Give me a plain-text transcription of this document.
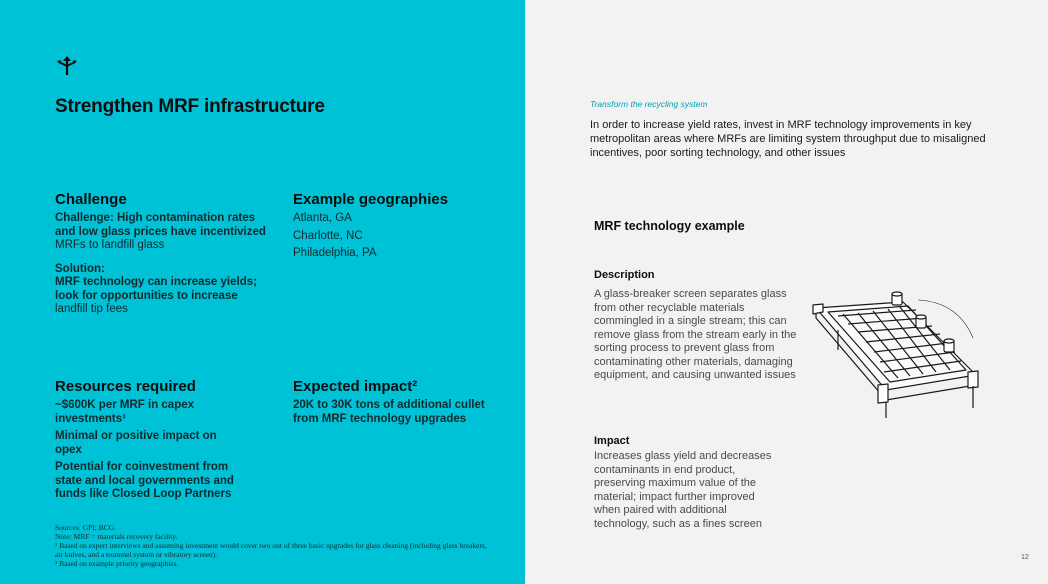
Strengthen MRF infrastructure
Challenge

Challenge: High contamination rates and low glass prices have incentivized MRFs to landfill glass

Solution:
MRF technology can increase yields; look for opportunities to increase landfill tip fees

Example geographies

Atlanta, GA

Charlotte, NC

Philadelphia, PA

Resources required

~$600K per MRF in capex investments¹

Minimal or positive impact on opex

Potential for coinvestment from state and local governments and funds like Closed Loop Partners

Expected impact²

20K to 30K tons of additional cullet from MRF technology upgrades

Sources: GPI; BCG.
Note: MRF = materials recovery facility.
¹ Based on expert interviews and assuming investment would cover two out of three basic upgrades for glass cleaning (including glass breakers, air knives, and a trommel system or vibratory screen).
² Based on example priority geographies.
Transform the recycling system
In order to increase yield rates, invest in MRF technology improvements in key metropolitan areas where MRFs are limiting system throughput due to misaligned incentives, poor sorting technology, and other issues
MRF technology example
Description
A glass-breaker screen separates glass from other recyclable materials commingled in a single stream; this can remove glass from the stream early in the sorting process to prevent glass from contaminating other materials, damaging equipment, and causing unwanted issues
Impact
Increases glass yield and decreases contaminants in end product, preserving maximum value of the material; impact further improved when paired with additional technology, such as a fines screen
12
